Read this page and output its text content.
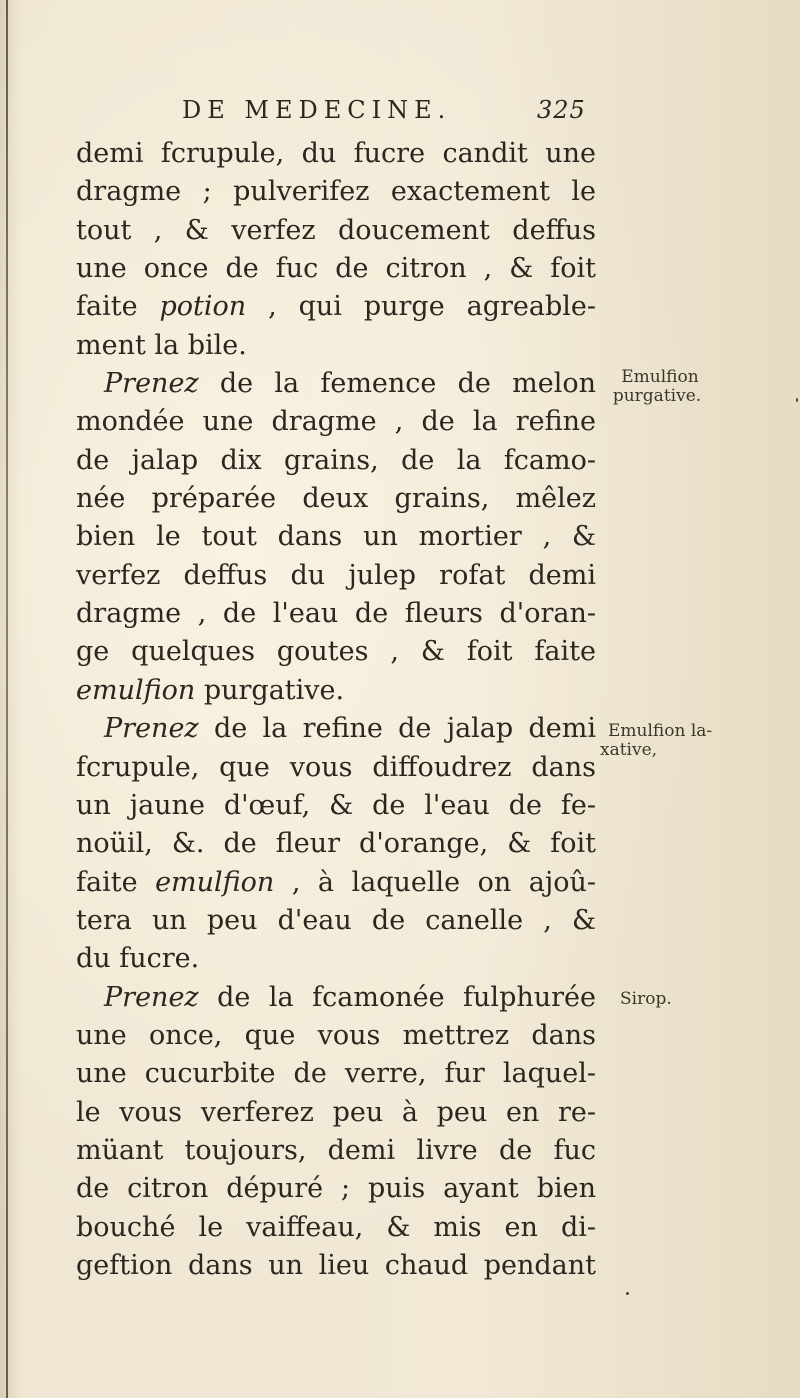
DE MEDECINE.	325
demi fcrupule, du fucre candit une
dragme ; pulverifez exactement le
tout , & verfez doucement deffus
une once de fuc de citron , & foit
faite potion , qui purge agreable-
ment la bile.
Prenez de la femence de melon
mondée une dragme , de la refine
de jalap dix grains, de la fcamo-
née préparée deux grains, mêlez
bien le tout dans un mortier , &
verfez deffus du julep rofat demi
dragme , de l'eau de fleurs d'oran-
ge quelques goutes , & foit faite
emulfion purgative.
Prenez de la refine de jalap demi
fcrupule, que vous diffoudrez dans
un jaune d'œuf, & de l'eau de fe-
noüil, &. de fleur d'orange, & foit
faite emulfion , à laquelle on ajoû-
tera un peu d'eau de canelle , &
du fucre.
Prenez de la fcamonée fulphurée
une once, que vous mettrez dans
une cucurbite de verre, fur laquel-
le vous verferez peu à peu en re-
müant toujours, demi livre de fuc
de citron dépuré ; puis ayant bien
bouché le vaiffeau, & mis en di-
geftion dans un lieu chaud pendant
Emulfion
purgative.
Emulfion la-
xative,
Sirop.
